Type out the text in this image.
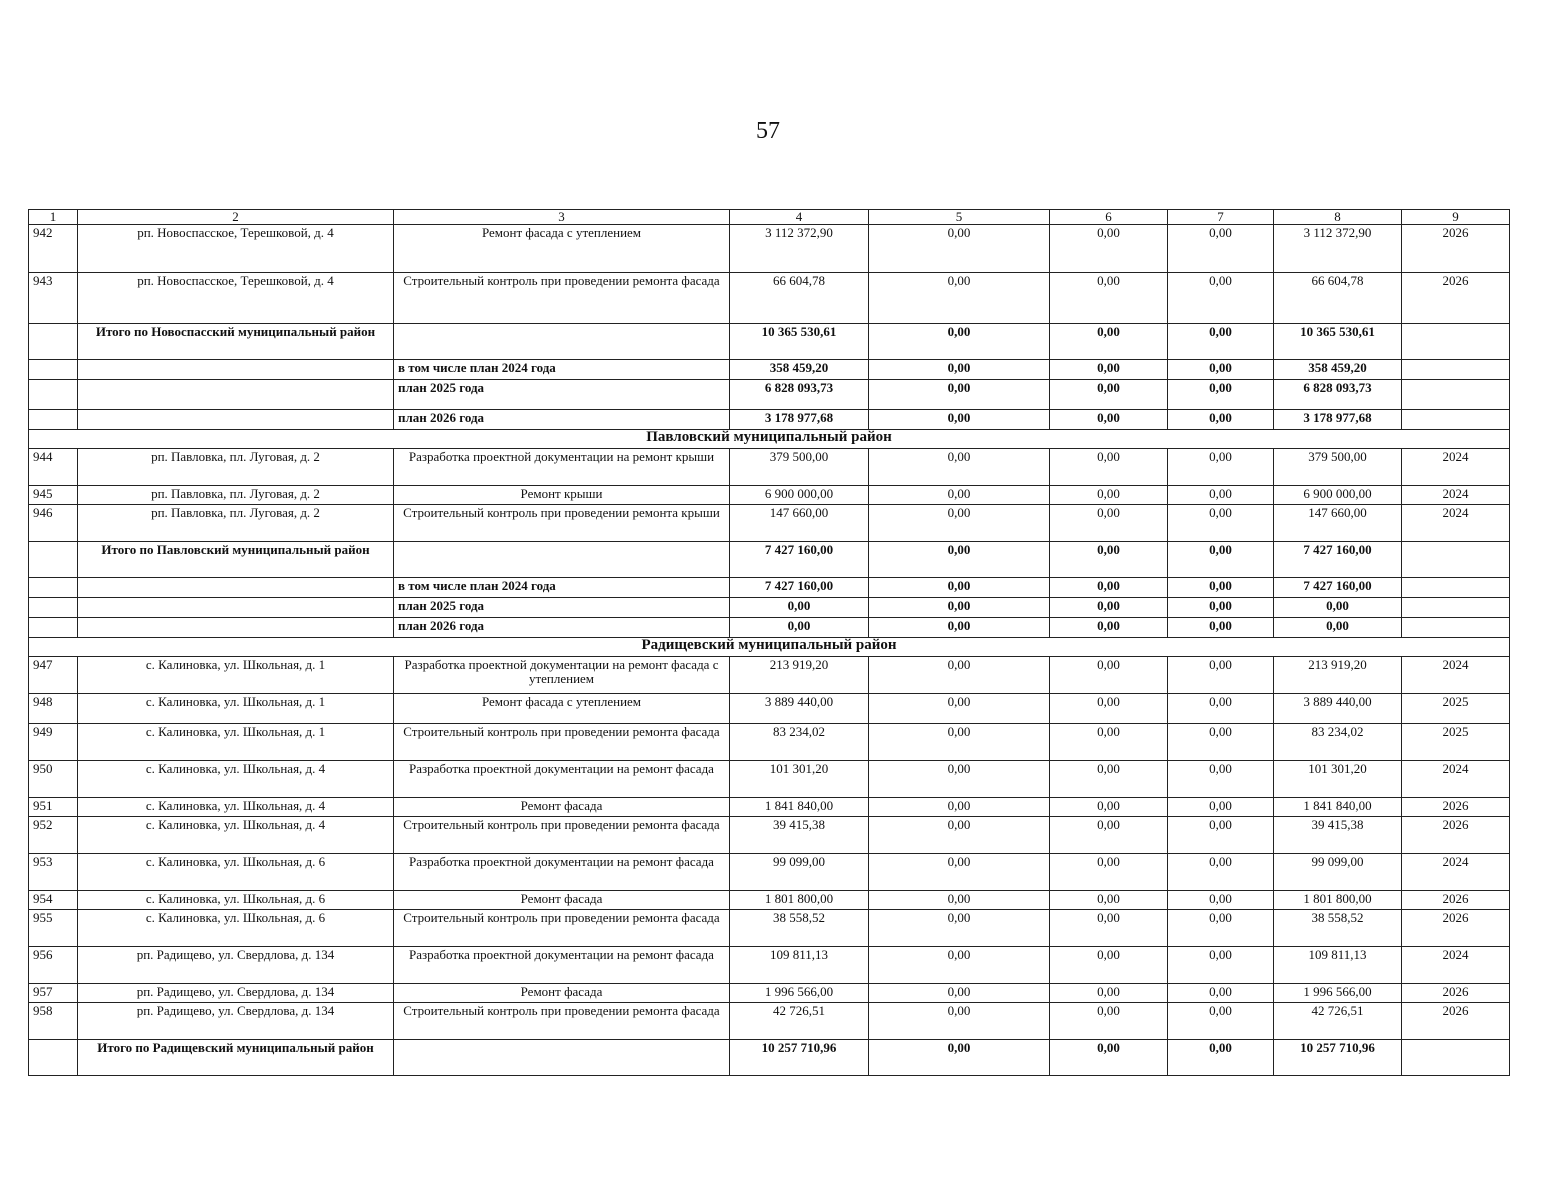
57
1	2	3	4	5	6	7	8	9
942	рп. Новоспасское, Терешковой, д. 4	Ремонт фасада с утеплением	3 112 372,90	0,00	0,00	0,00	3 112 372,90	2026
943	рп. Новоспасское, Терешковой, д. 4	Строительный контроль при проведении ремонта фасада	66 604,78	0,00	0,00	0,00	66 604,78	2026
	Итого по Новоспасский муниципальный район		10 365 530,61	0,00	0,00	0,00	10 365 530,61	
		в том числе план 2024 года	358 459,20	0,00	0,00	0,00	358 459,20	
		план 2025 года	6 828 093,73	0,00	0,00	0,00	6 828 093,73	
		план 2026 года	3 178 977,68	0,00	0,00	0,00	3 178 977,68	
Павловский муниципальный район								
944	рп. Павловка, пл. Луговая, д. 2	Разработка проектной документации на ремонт крыши	379 500,00	0,00	0,00	0,00	379 500,00	2024
945	рп. Павловка, пл. Луговая, д. 2	Ремонт крыши	6 900 000,00	0,00	0,00	0,00	6 900 000,00	2024
946	рп. Павловка, пл. Луговая, д. 2	Строительный контроль при проведении ремонта крыши	147 660,00	0,00	0,00	0,00	147 660,00	2024
	Итого по Павловский муниципальный район		7 427 160,00	0,00	0,00	0,00	7 427 160,00	
		в том числе план 2024 года	7 427 160,00	0,00	0,00	0,00	7 427 160,00	
		план 2025 года	0,00	0,00	0,00	0,00	0,00	
		план 2026 года	0,00	0,00	0,00	0,00	0,00	
Радищевский муниципальный район								
947	с. Калиновка, ул. Школьная, д. 1	Разработка проектной документации на ремонт фасада с утеплением	213 919,20	0,00	0,00	0,00	213 919,20	2024
948	с. Калиновка, ул. Школьная, д. 1	Ремонт фасада с утеплением	3 889 440,00	0,00	0,00	0,00	3 889 440,00	2025
949	с. Калиновка, ул. Школьная, д. 1	Строительный контроль при проведении ремонта фасада	83 234,02	0,00	0,00	0,00	83 234,02	2025
950	с. Калиновка, ул. Школьная, д. 4	Разработка проектной документации на ремонт фасада	101 301,20	0,00	0,00	0,00	101 301,20	2024
951	с. Калиновка, ул. Школьная, д. 4	Ремонт фасада	1 841 840,00	0,00	0,00	0,00	1 841 840,00	2026
952	с. Калиновка, ул. Школьная, д. 4	Строительный контроль при проведении ремонта фасада	39 415,38	0,00	0,00	0,00	39 415,38	2026
953	с. Калиновка, ул. Школьная, д. 6	Разработка проектной документации на ремонт фасада	99 099,00	0,00	0,00	0,00	99 099,00	2024
954	с. Калиновка, ул. Школьная, д. 6	Ремонт фасада	1 801 800,00	0,00	0,00	0,00	1 801 800,00	2026
955	с. Калиновка, ул. Школьная, д. 6	Строительный контроль при проведении ремонта фасада	38 558,52	0,00	0,00	0,00	38 558,52	2026
956	рп. Радищево, ул. Свердлова, д. 134	Разработка проектной документации на ремонт фасада	109 811,13	0,00	0,00	0,00	109 811,13	2024
957	рп. Радищево, ул. Свердлова, д. 134	Ремонт фасада	1 996 566,00	0,00	0,00	0,00	1 996 566,00	2026
958	рп. Радищево, ул. Свердлова, д. 134	Строительный контроль при проведении ремонта фасада	42 726,51	0,00	0,00	0,00	42 726,51	2026
	Итого по Радищевский муниципальный район		10 257 710,96	0,00	0,00	0,00	10 257 710,96	
